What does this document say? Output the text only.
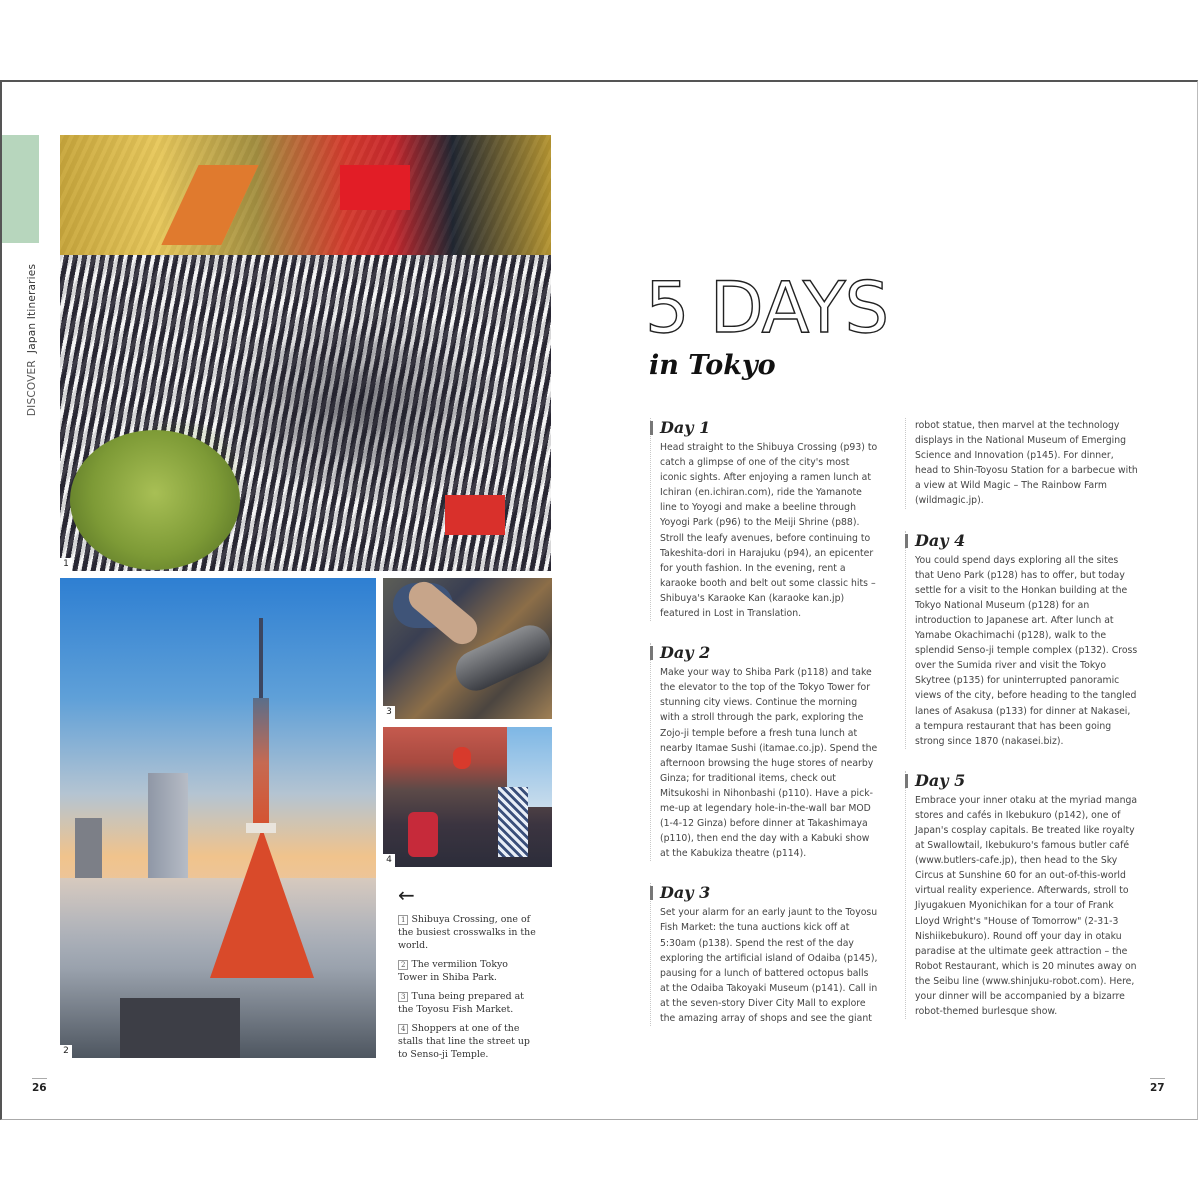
DISCOVER  Japan Itineraries
1
2
3
4
←
1 Shibuya Crossing, one of the busiest crosswalks in the world.
2 The vermilion Tokyo Tower in Shiba Park.
3 Tuna being prepared at the Toyosu Fish Market.
4 Shoppers at one of the stalls that line the street up to Senso-ji Temple.
26
5 DAYS
in Tokyo
Day 1

Head straight to the Shibuya Crossing (p93) to catch a glimpse of one of the city's most iconic sights. After enjoying a ramen lunch at Ichiran (en.ichiran.com), ride the Yamanote line to Yoyogi and make a beeline through Yoyogi Park (p96) to the Meiji Shrine (p88). Stroll the leafy avenues, before continuing to Takeshita-dori in Harajuku (p94), an epicenter for youth fashion. In the evening, rent a karaoke booth and belt out some classic hits – Shibuya's Karaoke Kan (karaoke kan.jp) featured in Lost in Translation.

Day 2

Make your way to Shiba Park (p118) and take the elevator to the top of the Tokyo Tower for stunning city views. Continue the morning with a stroll through the park, exploring the Zojo-ji temple before a fresh tuna lunch at nearby Itamae Sushi (itamae.co.jp). Spend the afternoon browsing the huge stores of nearby Ginza; for traditional items, check out Mitsukoshi in Nihonbashi (p110). Have a pick-me-up at legendary hole-in-the-wall bar MOD (1-4-12 Ginza) before dinner at Takashimaya (p110), then end the day with a Kabuki show at the Kabukiza theatre (p114).

Day 3

Set your alarm for an early jaunt to the Toyosu Fish Market: the tuna auctions kick off at 5:30am (p138). Spend the rest of the day exploring the artificial island of Odaiba (p145), pausing for a lunch of battered octopus balls at the Odaiba Takoyaki Museum (p141). Call in at the seven-story Diver City Mall to explore the amazing array of shops and see the giant

robot statue, then marvel at the technology displays in the National Museum of Emerging Science and Innovation (p145). For dinner, head to Shin-Toyosu Station for a barbecue with a view at Wild Magic – The Rainbow Farm (wildmagic.jp).

Day 4

You could spend days exploring all the sites that Ueno Park (p128) has to offer, but today settle for a visit to the Honkan building at the Tokyo National Museum (p128) for an introduction to Japanese art. After lunch at Yamabe Okachimachi (p128), walk to the splendid Senso-ji temple complex (p132). Cross over the Sumida river and visit the Tokyo Skytree (p135) for uninterrupted panoramic views of the city, before heading to the tangled lanes of Asakusa (p133) for dinner at Nakasei, a tempura restaurant that has been going strong since 1870 (nakasei.biz).

Day 5

Embrace your inner otaku at the myriad manga stores and cafés in Ikebukuro (p142), one of Japan's cosplay capitals. Be treated like royalty at Swallowtail, Ikebukuro's famous butler café (www.butlers-cafe.jp), then head to the Sky Circus at Sunshine 60 for an out-of-this-world virtual reality experience. Afterwards, stroll to Jiyugakuen Myonichikan for a tour of Frank Lloyd Wright's "House of Tomorrow" (2-31-3 Nishiikebukuro). Round off your day in otaku paradise at the ultimate geek attraction – the Robot Restaurant, which is 20 minutes away on the Seibu line (www.shinjuku-robot.com). Here, your dinner will be accompanied by a bizarre robot-themed burlesque show.

27
